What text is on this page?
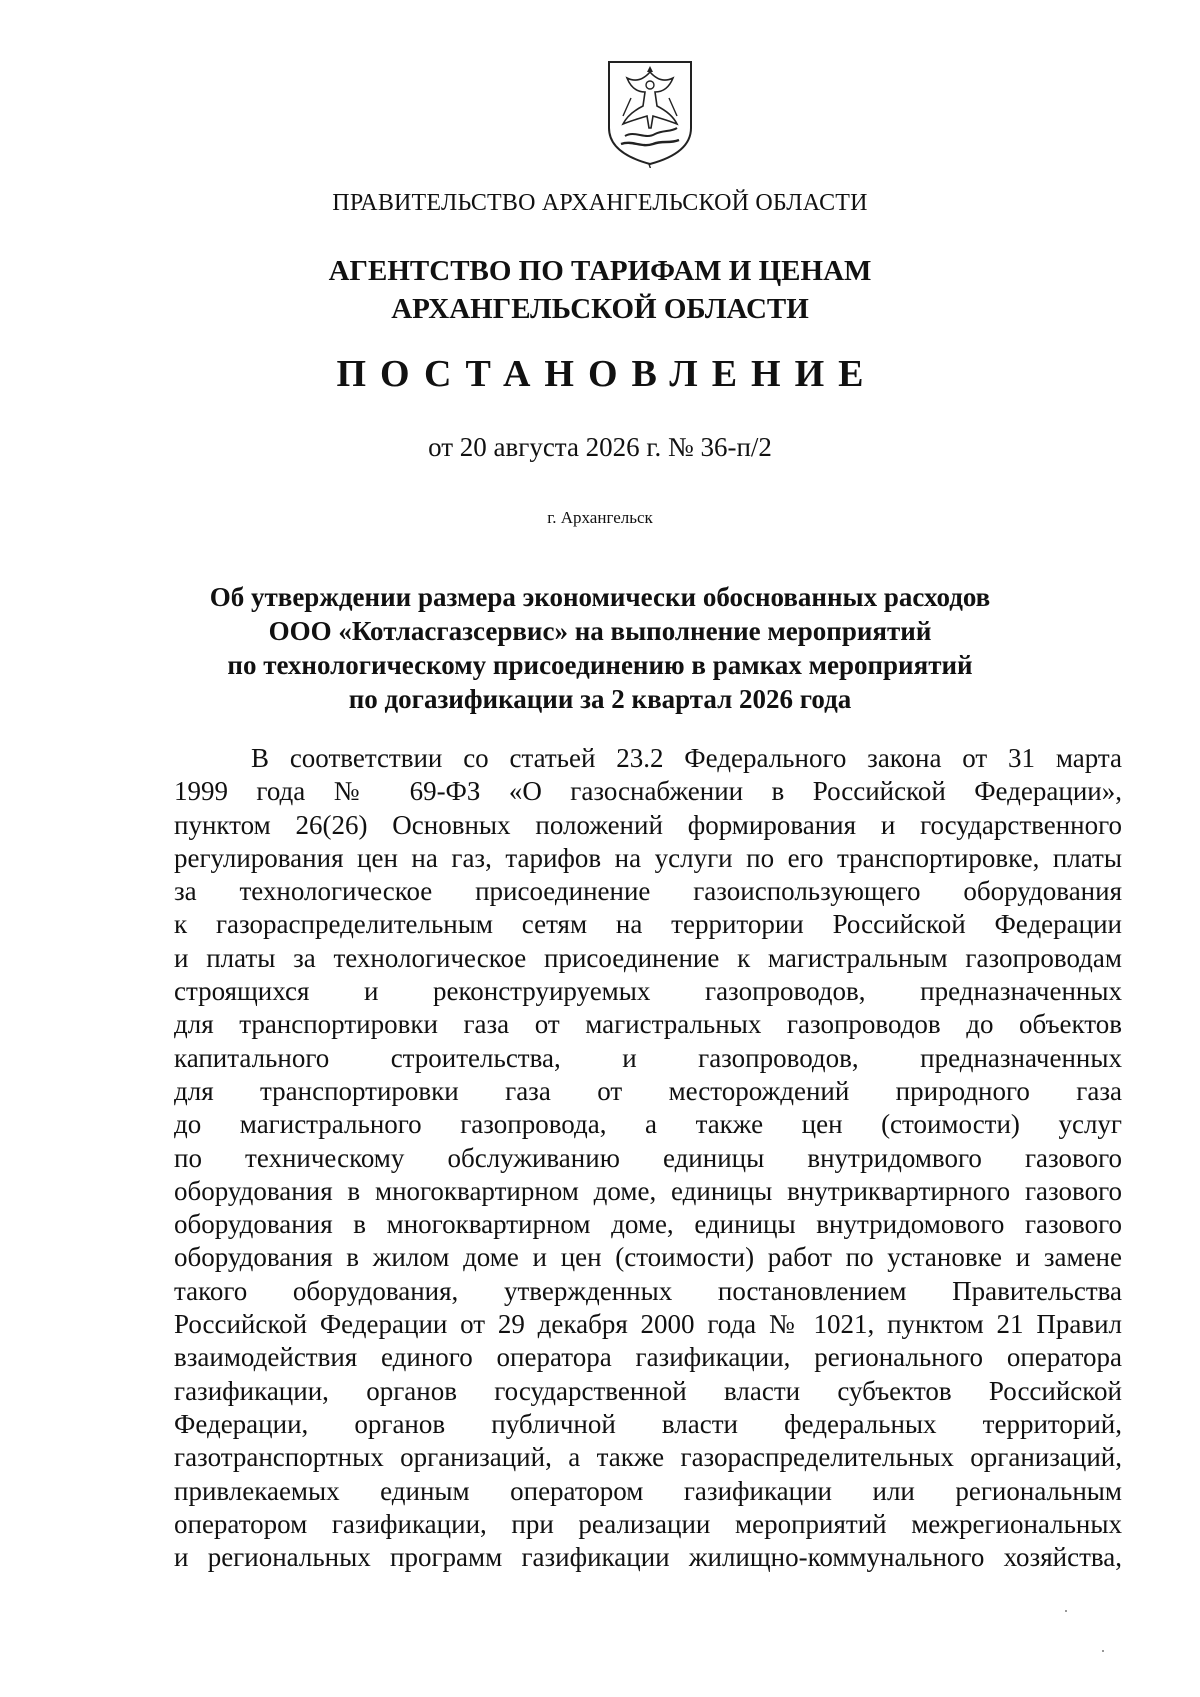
ПРАВИТЕЛЬСТВО АРХАНГЕЛЬСКОЙ ОБЛАСТИ
АГЕНТСТВО ПО ТАРИФАМ И ЦЕНАМ
АРХАНГЕЛЬСКОЙ ОБЛАСТИ
ПОСТАНОВЛЕНИЕ
от 20 августа 2026 г. № 36-п/2
г. Архангельск
Об утверждении размера экономически обоснованных расходов
ООО «Котласгазсервис» на выполнение мероприятий
по технологическому присоединению в рамках мероприятий
по догазификации за 2 квартал 2026 года
В соответствии со статьей 23.2 Федерального закона от 31 марта
1999 года № 69-ФЗ «О газоснабжении в Российской Федерации»,
пунктом 26(26) Основных положений формирования и государственного
регулирования цен на газ, тарифов на услуги по его транспортировке, платы
за технологическое присоединение газоиспользующего оборудования
к газораспределительным сетям на территории Российской Федерации
и платы за технологическое присоединение к магистральным газопроводам
строящихся и реконструируемых газопроводов, предназначенных
для транспортировки газа от магистральных газопроводов до объектов
капитального строительства, и газопроводов, предназначенных
для транспортировки газа от месторождений природного газа
до магистрального газопровода, а также цен (стоимости) услуг
по техническому обслуживанию единицы внутридомвого газового
оборудования в многоквартирном доме, единицы внутриквартирного газового
оборудования в многоквартирном доме, единицы внутридомового газового
оборудования в жилом доме и цен (стоимости) работ по установке и замене
такого оборудования, утвержденных постановлением Правительства
Российской Федерации от 29 декабря 2000 года № 1021, пунктом 21 Правил
взаимодействия единого оператора газификации, регионального оператора
газификации, органов государственной власти субъектов Российской
Федерации, органов публичной власти федеральных территорий,
газотранспортных организаций, а также газораспределительных организаций,
привлекаемых единым оператором газификации или региональным
оператором газификации, при реализации мероприятий межрегиональных
и региональных программ газификации жилищно-коммунального хозяйства,
